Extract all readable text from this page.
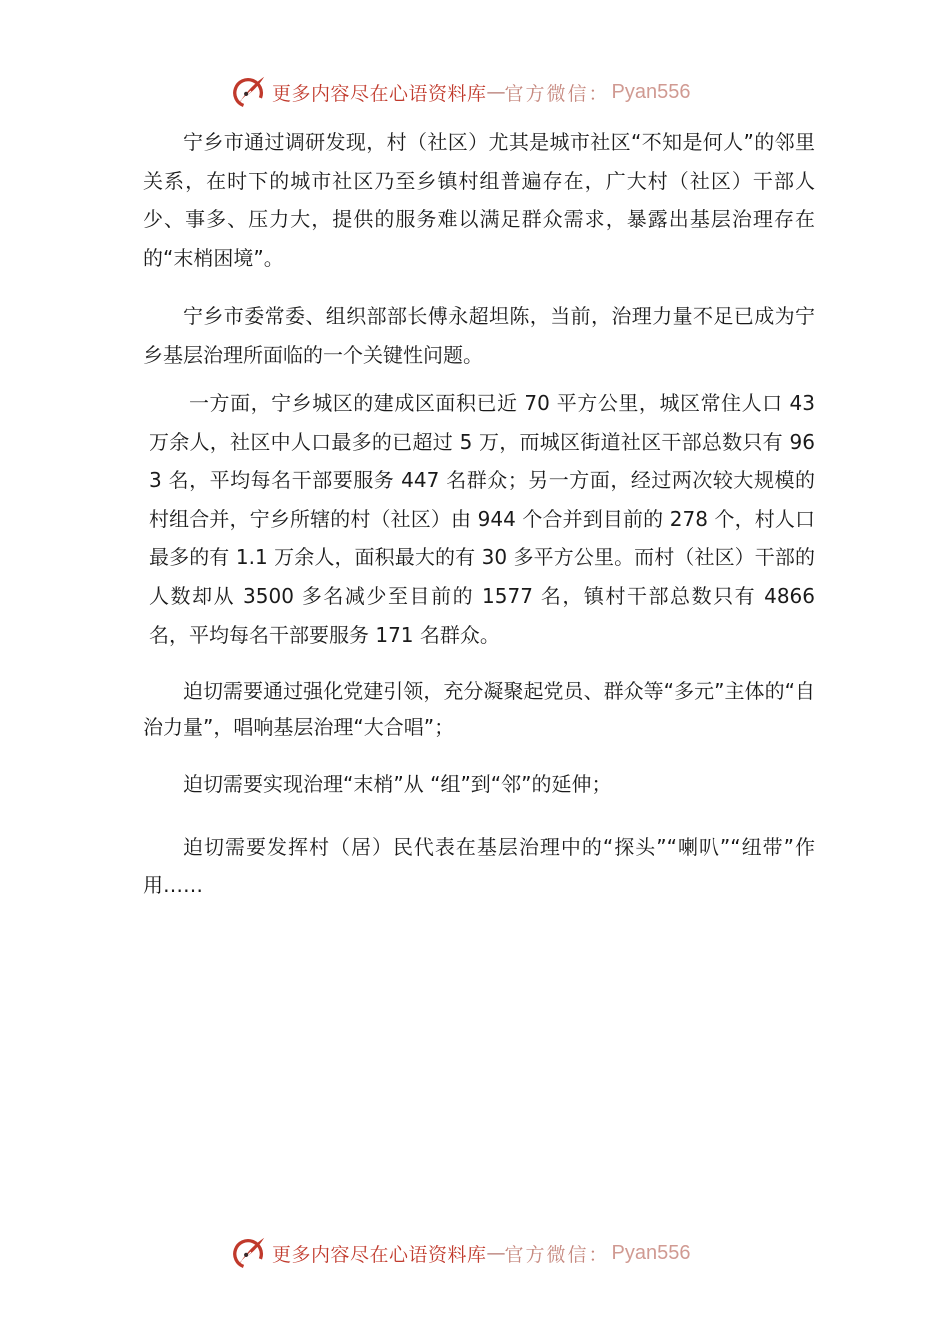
更多内容尽在心语资料库 — 官方微信： Pyan556

宁乡市通过调研发现，村（社区）尤其是城市社区“不知是何人”的邻里关系，在时下的城市社区乃至乡镇村组普遍存在，广大村（社区）干部人少、事多、压力大，提供的服务难以满足群众需求，暴露出基层治理存在的“末梢困境”。

宁乡市委常委、组织部部长傅永超坦陈，当前，治理力量不足已成为宁乡基层治理所面临的一个关键性问题。

一方面，宁乡城区的建成区面积已近 70 平方公里，城区常住人口 43 万余人，社区中人口最多的已超过 5 万，而城区街道社区干部总数只有 963 名，平均每名干部要服务 447 名群众；另一方面，经过两次较大规模的村组合并，宁乡所辖的村（社区）由 944 个合并到目前的 278 个，村人口最多的有 1.1 万余人，面积最大的有 30 多平方公里。而村（社区）干部的人数却从 3500 多名减少至目前的 1577 名，镇村干部总数只有 4866 名，平均每名干部要服务 171 名群众。

迫切需要通过强化党建引领，充分凝聚起党员、群众等“多元”主体的“自治力量”，唱响基层治理“大合唱”；

迫切需要实现治理“末梢”从 “组”到“邻”的延伸；

迫切需要发挥村（居）民代表在基层治理中的“探头”“喇叭”“纽带”作用……

更多内容尽在心语资料库 — 官方微信： Pyan556
